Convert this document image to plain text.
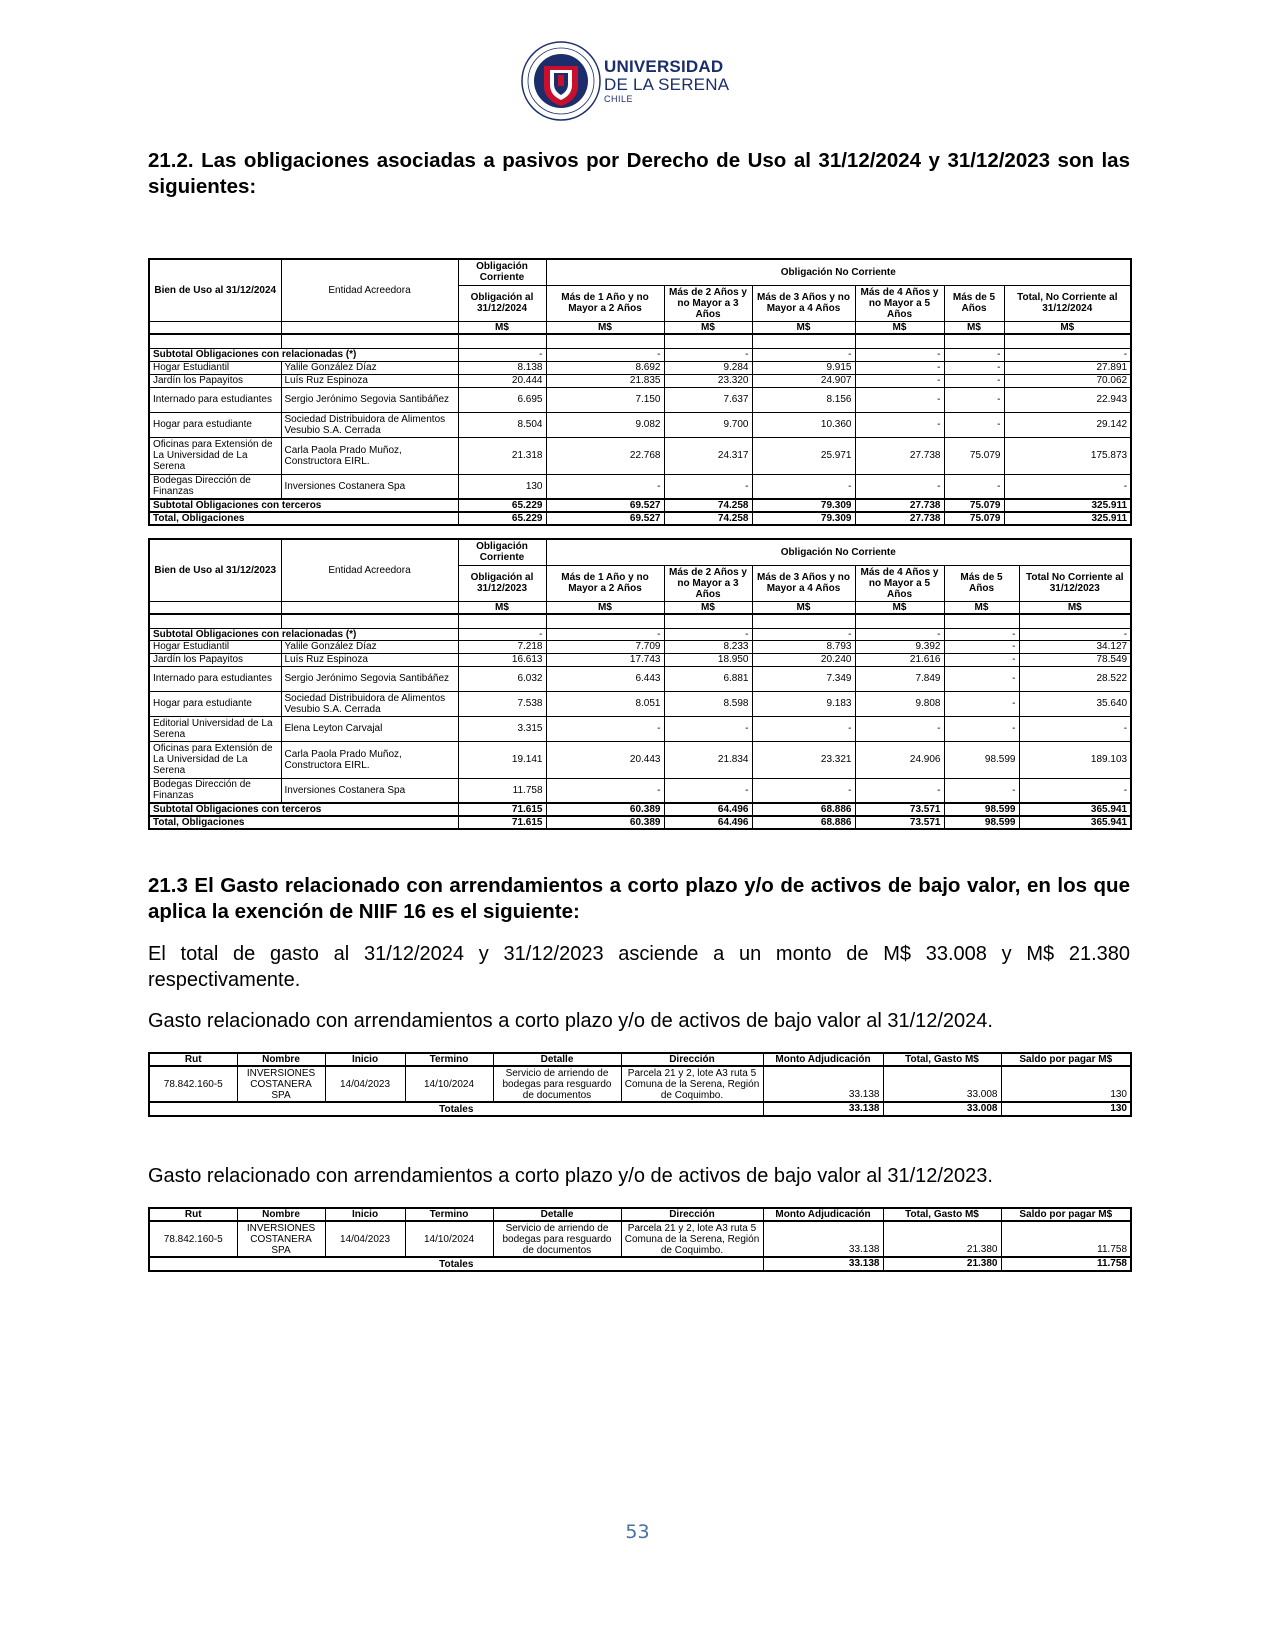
UNIVERSIDAD
DE LA SERENA
CHILE
21.2. Las obligaciones asociadas a pasivos por Derecho de Uso al 31/12/2024 y 31/12/2023 son las siguientes:
Bien de Uso al 31/12/2024	Entidad Acreedora	Obligación Corriente	Obligación No Corriente					
		Obligación al 31/12/2024	Más de 1 Año y no Mayor a 2 Años	Más de 2 Años y no Mayor a 3 Años	Más de 3 Años y no Mayor a 4 Años	Más de 4 Años y no Mayor a 5 Años	Más de 5 Años	Total, No Corriente al 31/12/2024
		M$	M$	M$	M$	M$	M$	M$

Subtotal Obligaciones con relacionadas (*)		-	-	-	-	-	-	-
Hogar Estudiantil	Yalile González Díaz	8.138	8.692	9.284	9.915	-	-	27.891
Jardín los Papayitos	Luís Ruz Espinoza	20.444	21.835	23.320	24.907	-	-	70.062
Internado para estudiantes	Sergio Jerónimo Segovia Santibáñez	6.695	7.150	7.637	8.156	-	-	22.943
Hogar para estudiante	Sociedad Distribuidora de Alimentos Vesubio S.A. Cerrada	8.504	9.082	9.700	10.360	-	-	29.142
Oficinas para Extensión de La Universidad de La Serena	Carla Paola Prado Muñoz, Constructora EIRL.	21.318	22.768	24.317	25.971	27.738	75.079	175.873
Bodegas Dirección de Finanzas	Inversiones Costanera Spa	130	-	-	-	-	-	-
Subtotal Obligaciones con terceros		65.229	69.527	74.258	79.309	27.738	75.079	325.911
Total, Obligaciones		65.229	69.527	74.258	79.309	27.738	75.079	325.911
Bien de Uso al 31/12/2023	Entidad Acreedora	Obligación Corriente	Obligación No Corriente					
		Obligación al 31/12/2023	Más de 1 Año y no Mayor a 2 Años	Más de 2 Años y no Mayor a 3 Años	Más de 3 Años y no Mayor a 4 Años	Más de 4 Años y no Mayor a 5 Años	Más de 5 Años	Total No Corriente al 31/12/2023
		M$	M$	M$	M$	M$	M$	M$

Subtotal Obligaciones con relacionadas (*)		-	-	-	-	-	-	-
Hogar Estudiantil	Yalile González Díaz	7.218	7.709	8.233	8.793	9.392	-	34.127
Jardín los Papayitos	Luís Ruz Espinoza	16.613	17.743	18.950	20.240	21.616	-	78.549
Internado para estudiantes	Sergio Jerónimo Segovia Santibáñez	6.032	6.443	6.881	7.349	7.849	-	28.522
Hogar para estudiante	Sociedad Distribuidora de Alimentos Vesubio S.A. Cerrada	7.538	8.051	8.598	9.183	9.808	-	35.640
Editorial Universidad de La Serena	Elena Leyton Carvajal	3.315	-	-	-	-	-	-
Oficinas para Extensión de La Universidad de La Serena	Carla Paola Prado Muñoz, Constructora EIRL.	19.141	20.443	21.834	23.321	24.906	98.599	189.103
Bodegas Dirección de Finanzas	Inversiones Costanera Spa	11.758	-	-	-	-	-	-
Subtotal Obligaciones con terceros		71.615	60.389	64.496	68.886	73.571	98.599	365.941
Total, Obligaciones		71.615	60.389	64.496	68.886	73.571	98.599	365.941
21.3 El Gasto relacionado con arrendamientos a corto plazo y/o de activos de bajo valor, en los que aplica la exención de NIIF 16 es el siguiente:
El total de gasto al 31/12/2024 y 31/12/2023 asciende a un monto de M$ 33.008 y M$ 21.380 respectivamente.
Gasto relacionado con arrendamientos a corto plazo y/o de activos de bajo valor al 31/12/2024.
Rut	Nombre	Inicio	Termino	Detalle	Dirección	Monto Adjudicación	Total, Gasto M$	Saldo por pagar M$
78.842.160-5	INVERSIONES COSTANERA SPA	14/04/2023	14/10/2024	Servicio de arriendo de bodegas para resguardo de documentos	Parcela 21 y 2, lote A3 ruta 5 Comuna de la Serena, Región de Coquimbo.	33.138	33.008	130
Totales						33.138	33.008	130
Gasto relacionado con arrendamientos a corto plazo y/o de activos de bajo valor al 31/12/2023.
Rut	Nombre	Inicio	Termino	Detalle	Dirección	Monto Adjudicación	Total, Gasto M$	Saldo por pagar M$
78.842.160-5	INVERSIONES COSTANERA SPA	14/04/2023	14/10/2024	Servicio de arriendo de bodegas para resguardo de documentos	Parcela 21 y 2, lote A3 ruta 5 Comuna de la Serena, Región de Coquimbo.	33.138	21.380	11.758
Totales						33.138	21.380	11.758
53
